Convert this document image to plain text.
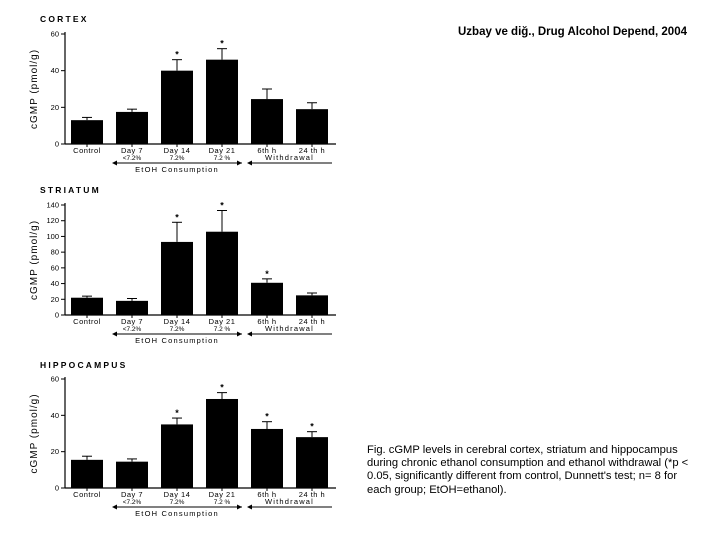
CORTEX
cGMP (pmol/g)
0
20
40
60
Control	Day 7
<7.2%
*
Day 14
7.2%
*
Day 21
7.2 %
6th h	24 th h
EtOH Consumption
Withdrawal
STRIATUM
cGMP (pmol/g)
0
20
40
60
80
100
120
140
Control	Day 7
<7.2%
*
Day 14
7.2%
*
Day 21
7.2 %
*
6th h	24 th h
EtOH Consumption
Withdrawal
HIPPOCAMPUS
cGMP (pmol/g)
0
20
40
60
Control	Day 7
<7.2%
*
Day 14
7.2%
*
Day 21
7.2 %
*
6th h
*
24 th h
EtOH Consumption
Withdrawal
Uzbay ve diğ., Drug Alcohol Depend, 2004
Fig. cGMP levels in cerebral cortex, striatum and hippocampus during chronic ethanol consumption and ethanol withdrawal (*p < 0.05, significantly different from control, Dunnett's test; n= 8 for each group; EtOH=ethanol).
